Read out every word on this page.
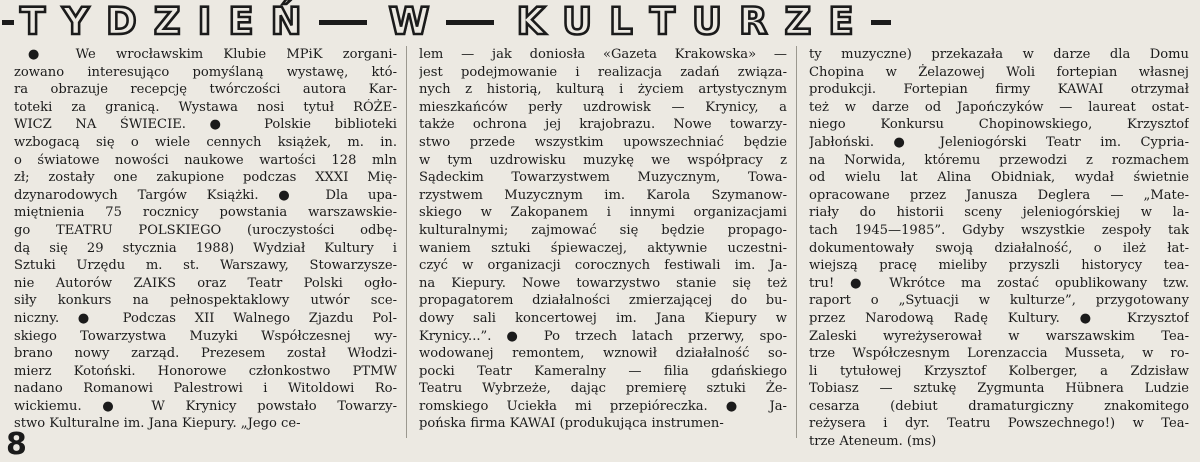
T Y D Z I E Ń W K U L T U R Z E
● We wrocławskim Klubie MPiK zorgani-
zowano interesująco pomyślaną wystawę, któ-
ra obrazuje recepcję twórczości autora Kar-
toteki za granicą. Wystawa nosi tytuł RÓŻE-
WICZ NA ŚWIECIE. ● Polskie biblioteki
wzbogacą się o wiele cennych książek, m. in.
o światowe nowości naukowe wartości 128 mln
zł; zostały one zakupione podczas XXXI Mię-
dzynarodowych Targów Książki. ● Dla upa-
miętnienia 75 rocznicy powstania warszawskie-
go TEATRU POLSKIEGO (uroczystości odbę-
dą się 29 stycznia 1988) Wydział Kultury i
Sztuki Urzędu m. st. Warszawy, Stowarzysze-
nie Autorów ZAIKS oraz Teatr Polski ogło-
siły konkurs na pełnospektaklowy utwór sce-
niczny. ● Podczas XII Walnego Zjazdu Pol-
skiego Towarzystwa Muzyki Współczesnej wy-
brano nowy zarząd. Prezesem został Włodzi-
mierz Kotoński. Honorowe członkostwo PTMW
nadano Romanowi Palestrowi i Witoldowi Ro-
wickiemu. ● W Krynicy powstało Towarzy-
stwo Kulturalne im. Jana Kiepury. „Jego ce-
lem — jak doniosła «Gazeta Krakowska» —
jest podejmowanie i realizacja zadań związa-
nych z historią, kulturą i życiem artystycznym
mieszkańców perły uzdrowisk — Krynicy, a
także ochrona jej krajobrazu. Nowe towarzy-
stwo przede wszystkim upowszechniać będzie
w tym uzdrowisku muzykę we współpracy z
Sądeckim Towarzystwem Muzycznym, Towa-
rzystwem Muzycznym im. Karola Szymanow-
skiego w Zakopanem i innymi organizacjami
kulturalnymi; zajmować się będzie propago-
waniem sztuki śpiewaczej, aktywnie uczestni-
czyć w organizacji corocznych festiwali im. Ja-
na Kiepury. Nowe towarzystwo stanie się też
propagatorem działalności zmierzającej do bu-
dowy sali koncertowej im. Jana Kiepury w
Krynicy...”. ● Po trzech latach przerwy, spo-
wodowanej remontem, wznowił działalność so-
pocki Teatr Kameralny — filia gdańskiego
Teatru Wybrzeże, dając premierę sztuki Że-
romskiego Uciekła mi przepióreczka. ● Ja-
pońska firma KAWAI (produkująca instrumen-
ty muzyczne) przekazała w darze dla Domu
Chopina w Żelazowej Woli fortepian własnej
produkcji. Fortepian firmy KAWAI otrzymał
też w darze od Japończyków — laureat ostat-
niego Konkursu Chopinowskiego, Krzysztof
Jabłoński. ● Jeleniogórski Teatr im. Cypria-
na Norwida, któremu przewodzi z rozmachem
od wielu lat Alina Obidniak, wydał świetnie
opracowane przez Janusza Deglera — „Mate-
riały do historii sceny jeleniogórskiej w la-
tach 1945—1985”. Gdyby wszystkie zespoły tak
dokumentowały swoją działalność, o ileż łat-
wiejszą pracę mieliby przyszli historycy tea-
tru! ● Wkrótce ma zostać opublikowany tzw.
raport o „Sytuacji w kulturze”, przygotowany
przez Narodową Radę Kultury. ● Krzysztof
Zaleski wyreżyserował w warszawskim Tea-
trze Współczesnym Lorenzaccia Musseta, w ro-
li tytułowej Krzysztof Kolberger, a Zdzisław
Tobiasz — sztukę Zygmunta Hübnera Ludzie
cesarza (debiut dramaturgiczny znakomitego
reżysera i dyr. Teatru Powszechnego!) w Tea-
trze Ateneum. (ms)
8
